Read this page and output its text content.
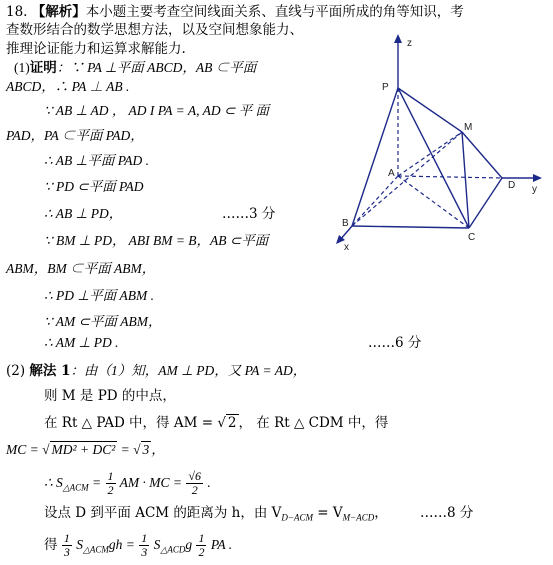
18. 【解析】本小题主要考查空间线面关系、直线与平面所成的角等知识，考
查数形结合的数学思想方法，以及空间想象能力、
推理论证能力和运算求解能力.
(1)证明：∵ PA ⊥平面 ABCD，AB ⊂平面
ABCD，∴ PA ⊥ AB .
∵ AB ⊥ AD ， AD I PA = A, AD ⊂ 平 面
PAD，PA ⊂平面 PAD，
∴ AB ⊥平面 PAD .
∵ PD ⊂平面 PAD
∴ AB ⊥ PD，	……3 分
∵ BM ⊥ PD， ABI BM = B，AB ⊂平面
ABM，BM ⊂平面 ABM，
∴ PD ⊥平面 ABM .
∵ AM ⊂平面 ABM，
∴ AM ⊥ PD .	……6 分
(2) 解法 1：由（1）知，AM ⊥ PD，又 PA = AD，
则 M 是 PD 的中点，
在 Rt △ PAD 中，得 AM = √ 2 ， 在 Rt △ CDM 中，得
MC = √ MD² + DC² = √ 3 ，
∴ $S_{\triangle ACM} = \frac{1}{2}$ AM · MC = $\frac{√6}{2}$ .
设点 D 到平面 ACM 的距离为 h，由 $V_{D-ACM} = V_{M-ACD}$， ……8 分
得 $\frac{1}{3} S_{\triangle ACM}gh = \frac{1}{3} S_{\triangle ACD}g \frac{1}{2}$ PA .
z
P
M
A
D y
B
C
x
